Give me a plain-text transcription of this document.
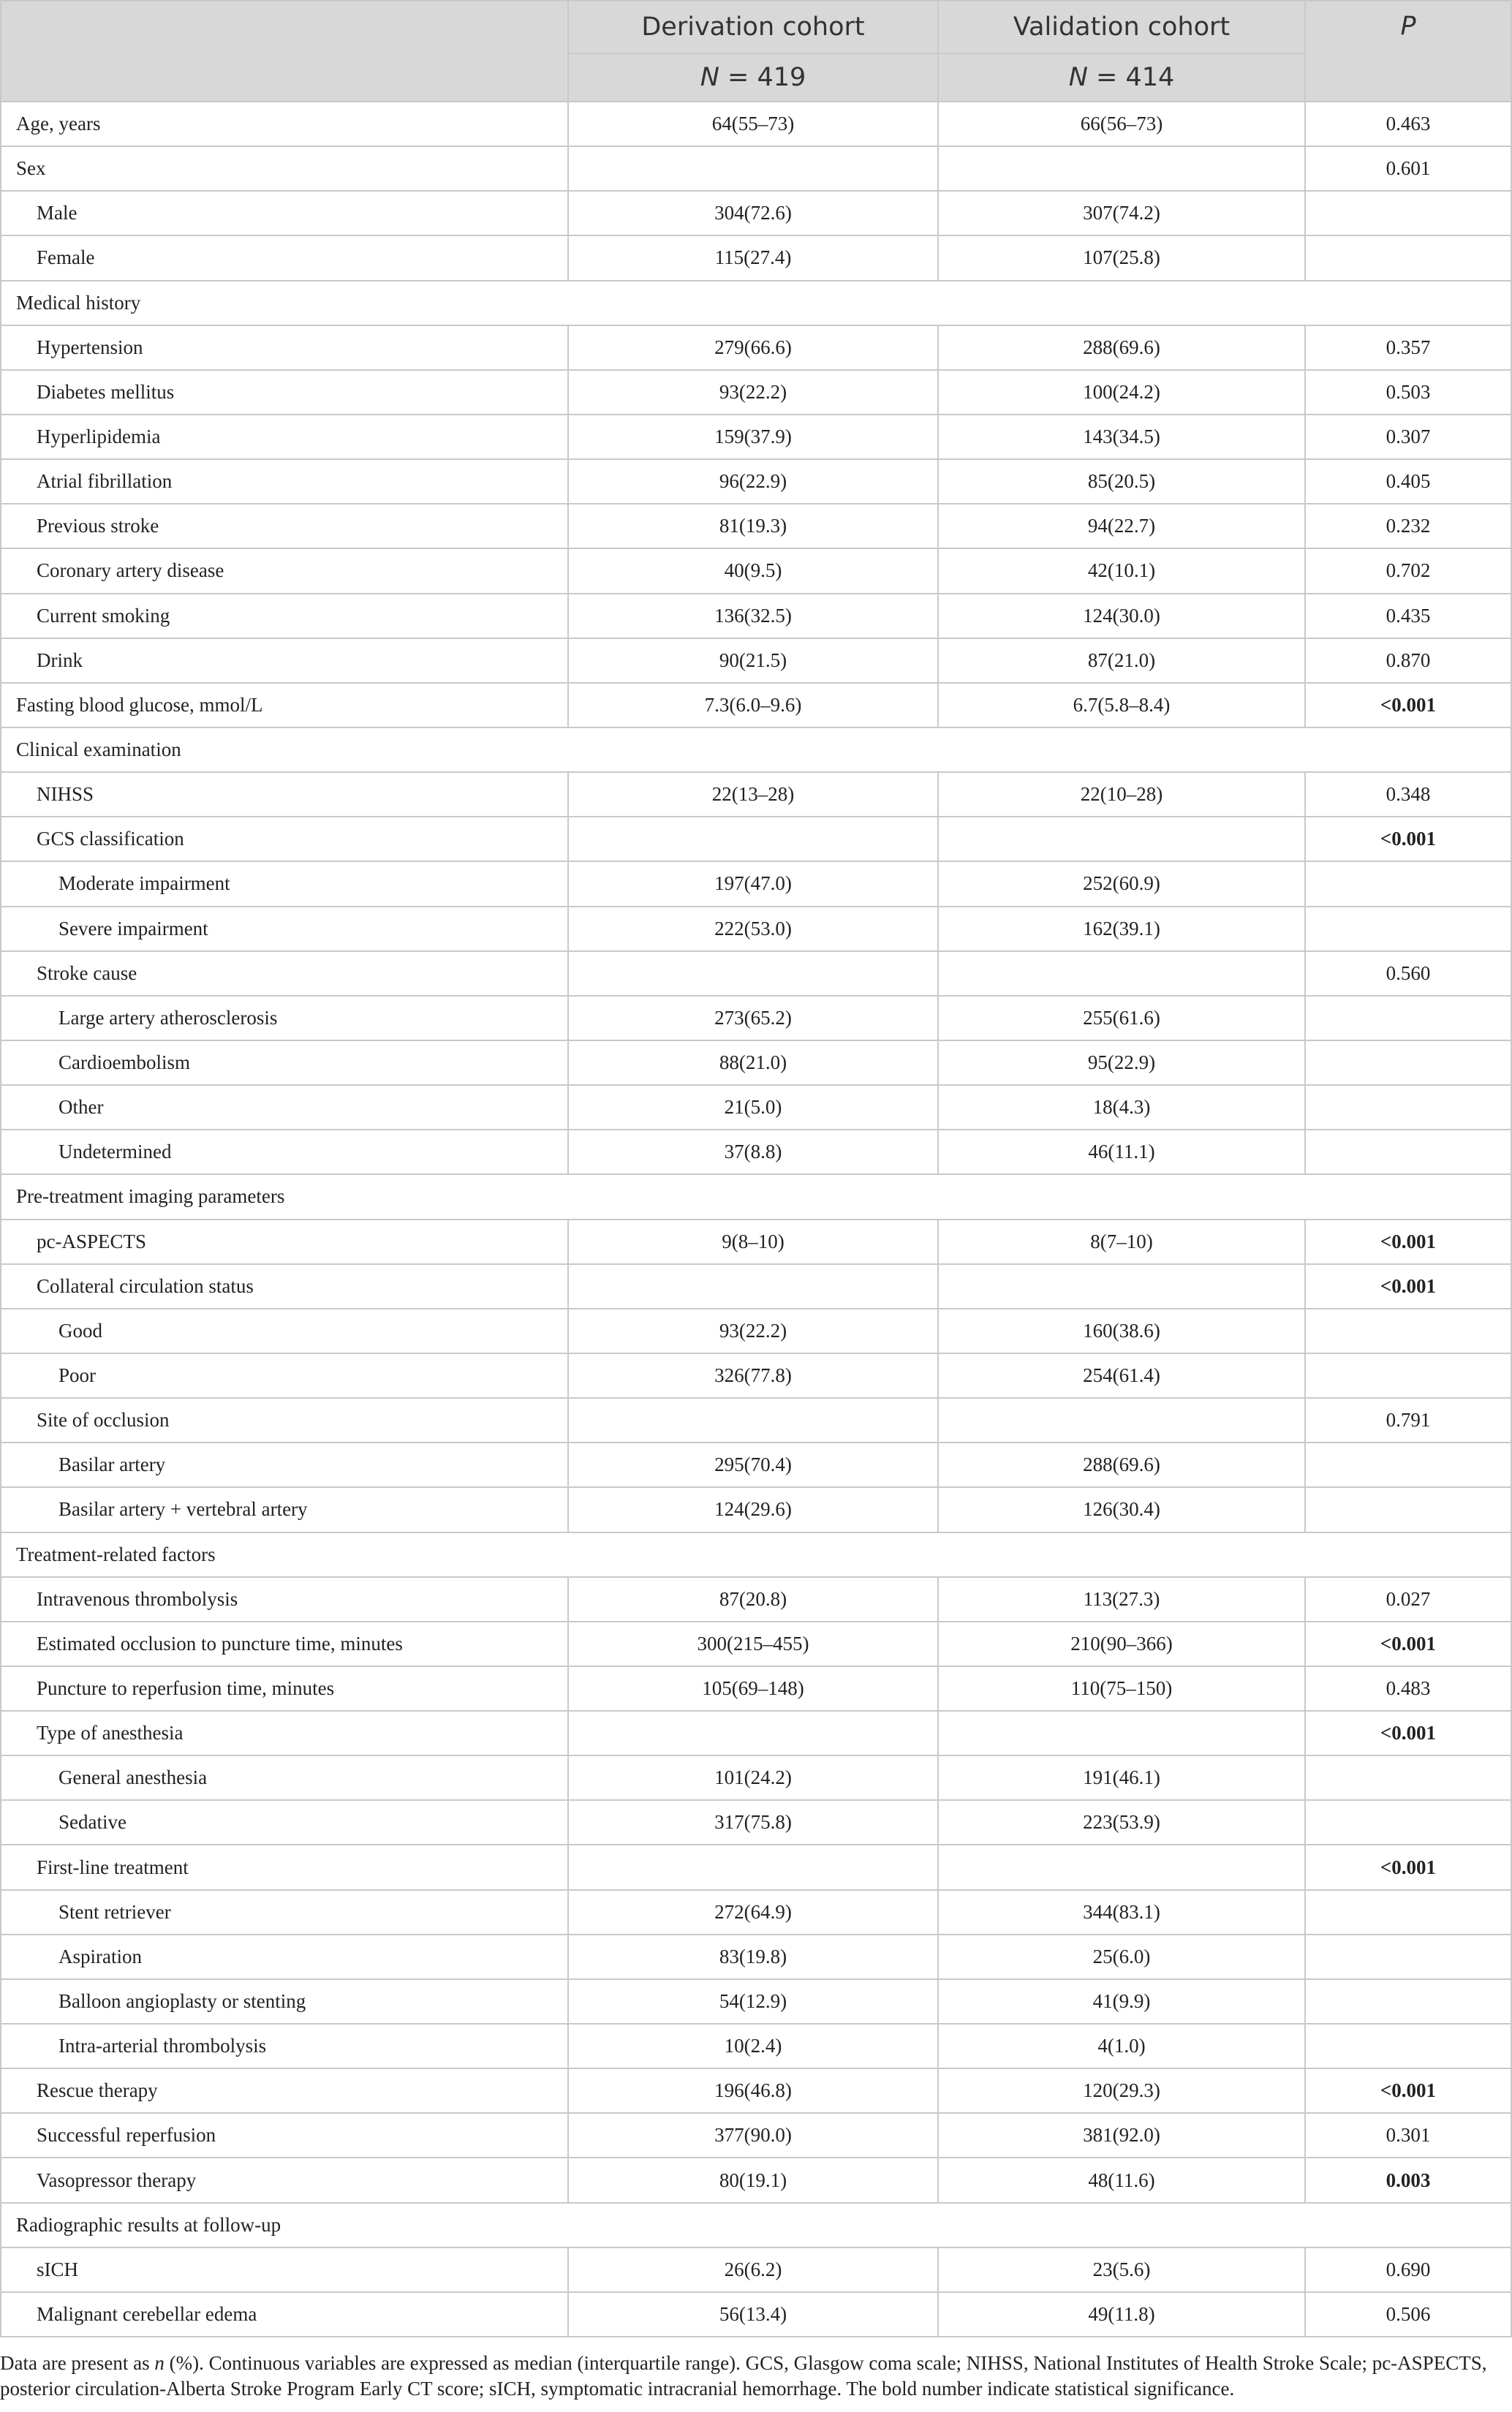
	Derivation cohort	Validation cohort	P
	N = 419	N = 414	
Age, years	64(55–73)	66(56–73)	0.463
Sex			0.601
Male	304(72.6)	307(74.2)	
Female	115(27.4)	107(25.8)	
Medical history			
Hypertension	279(66.6)	288(69.6)	0.357
Diabetes mellitus	93(22.2)	100(24.2)	0.503
Hyperlipidemia	159(37.9)	143(34.5)	0.307
Atrial fibrillation	96(22.9)	85(20.5)	0.405
Previous stroke	81(19.3)	94(22.7)	0.232
Coronary artery disease	40(9.5)	42(10.1)	0.702
Current smoking	136(32.5)	124(30.0)	0.435
Drink	90(21.5)	87(21.0)	0.870
Fasting blood glucose, mmol/L	7.3(6.0–9.6)	6.7(5.8–8.4)	<0.001
Clinical examination			
NIHSS	22(13–28)	22(10–28)	0.348
GCS classification			<0.001
Moderate impairment	197(47.0)	252(60.9)	
Severe impairment	222(53.0)	162(39.1)	
Stroke cause			0.560
Large artery atherosclerosis	273(65.2)	255(61.6)	
Cardioembolism	88(21.0)	95(22.9)	
Other	21(5.0)	18(4.3)	
Undetermined	37(8.8)	46(11.1)	
Pre-treatment imaging parameters			
pc-ASPECTS	9(8–10)	8(7–10)	<0.001
Collateral circulation status			<0.001
Good	93(22.2)	160(38.6)	
Poor	326(77.8)	254(61.4)	
Site of occlusion			0.791
Basilar artery	295(70.4)	288(69.6)	
Basilar artery + vertebral artery	124(29.6)	126(30.4)	
Treatment-related factors			
Intravenous thrombolysis	87(20.8)	113(27.3)	0.027
Estimated occlusion to puncture time, minutes	300(215–455)	210(90–366)	<0.001
Puncture to reperfusion time, minutes	105(69–148)	110(75–150)	0.483
Type of anesthesia			<0.001
General anesthesia	101(24.2)	191(46.1)	
Sedative	317(75.8)	223(53.9)	
First-line treatment			<0.001
Stent retriever	272(64.9)	344(83.1)	
Aspiration	83(19.8)	25(6.0)	
Balloon angioplasty or stenting	54(12.9)	41(9.9)	
Intra-arterial thrombolysis	10(2.4)	4(1.0)	
Rescue therapy	196(46.8)	120(29.3)	<0.001
Successful reperfusion	377(90.0)	381(92.0)	0.301
Vasopressor therapy	80(19.1)	48(11.6)	0.003
Radiographic results at follow-up			
sICH	26(6.2)	23(5.6)	0.690
Malignant cerebellar edema	56(13.4)	49(11.8)	0.506
Data are present as n (%). Continuous variables are expressed as median (interquartile range). GCS, Glasgow coma scale; NIHSS, National Institutes of Health Stroke Scale; pc-ASPECTS, posterior circulation-Alberta Stroke Program Early CT score; sICH, symptomatic intracranial hemorrhage. The bold number indicate statistical significance.
